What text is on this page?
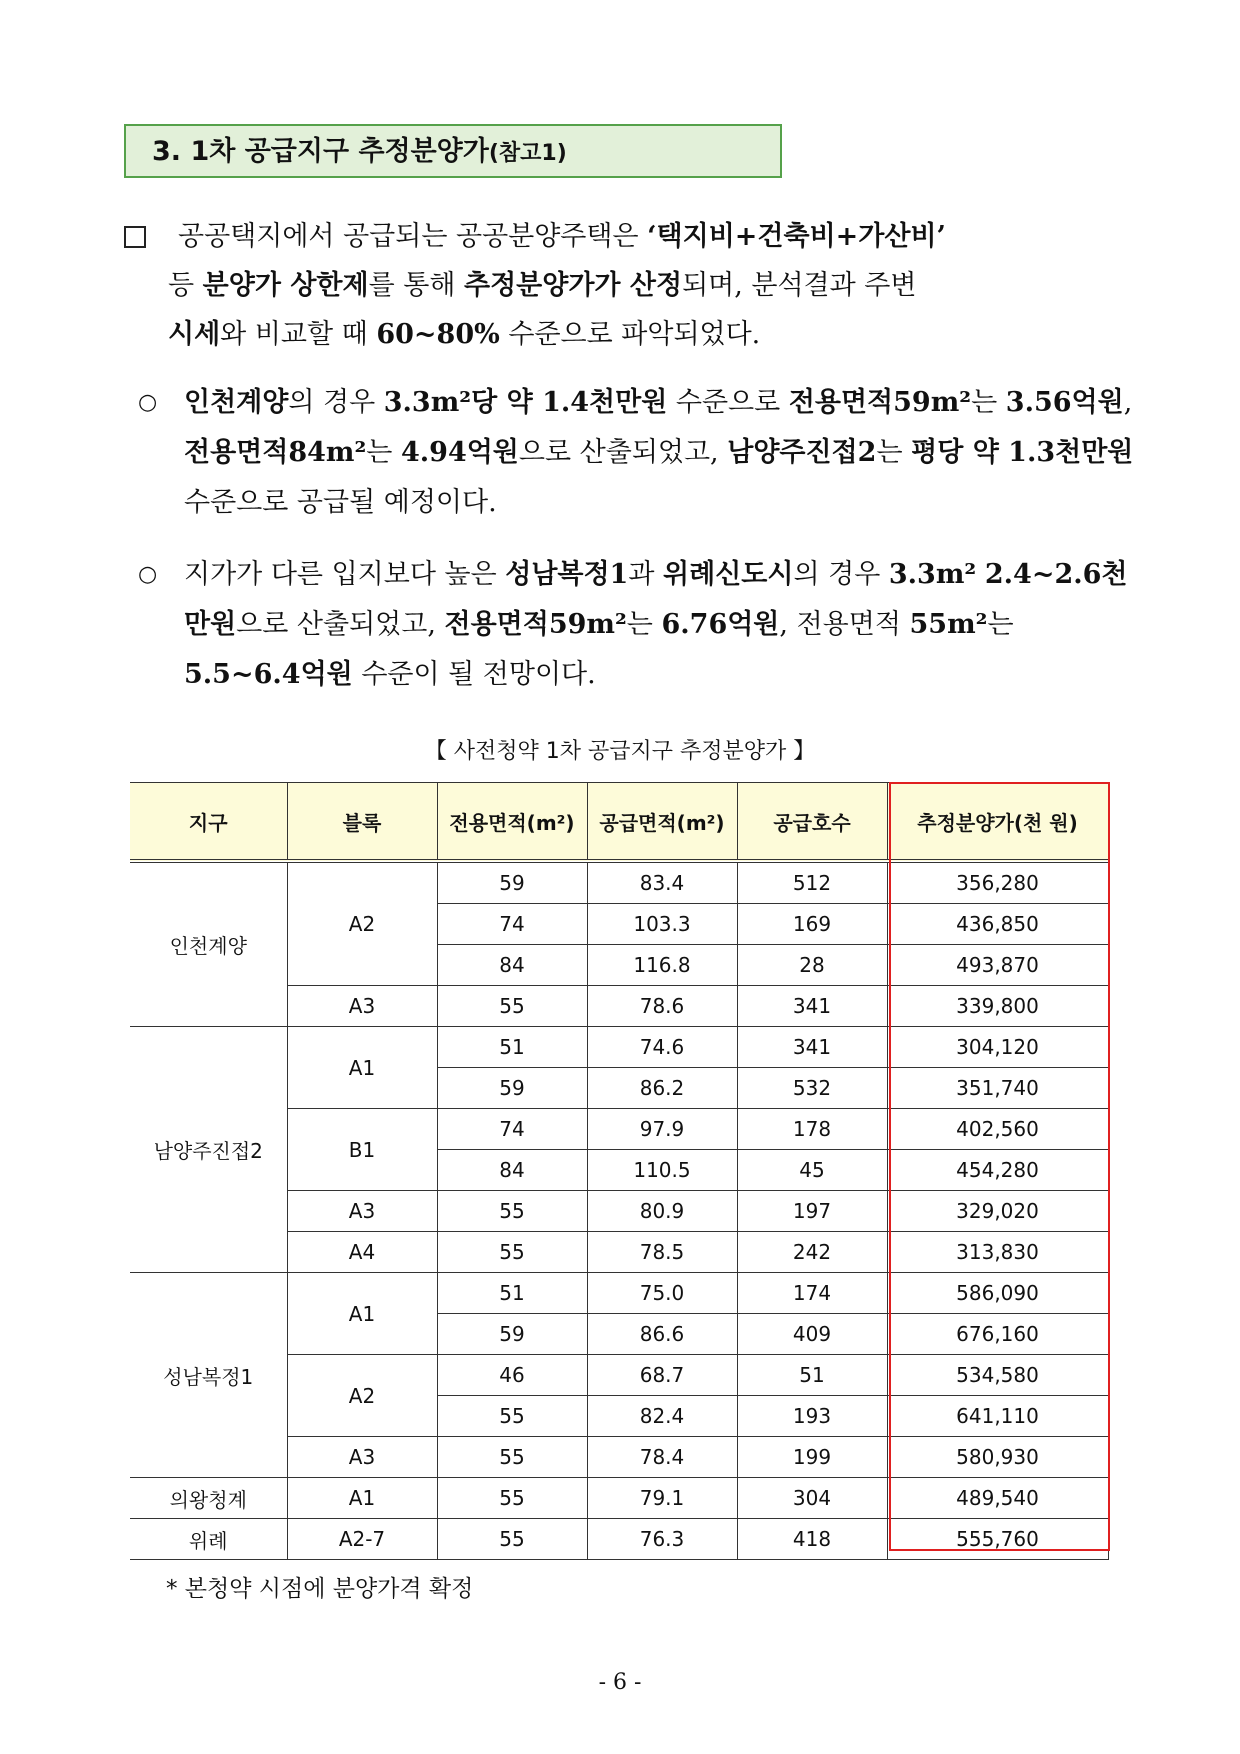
3. 1차 공급지구 추정분양가(참고1)
공공택지에서 공급되는 공공분양주택은 ‘택지비+건축비+가산비’
등 분양가 상한제를 통해 추정분양가가 산정되며, 분석결과 주변
시세와 비교할 때 60~80% 수준으로 파악되었다.
○ 인천계양의 경우 3.3m²당 약 1.4천만원 수준으로 전용면적59m²는 3.56억원, 전용면적84m²는 4.94억원으로 산출되었고, 남양주진접2는 평당 약 1.3천만원 수준으로 공급될 예정이다.
○ 지가가 다른 입지보다 높은 성남복정1과 위례신도시의 경우 3.3m² 2.4~2.6천만원으로 산출되었고, 전용면적59m²는 6.76억원, 전용면적 55m²는 5.5~6.4억원 수준이 될 전망이다.
【 사전청약 1차 공급지구 추정분양가 】
지구	블록	전용면적(m²)	공급면적(m²)	공급호수	추정분양가(천 원)
인천계양	A2	59	83.4	512	356,280
		74	103.3	169	436,850
		84	116.8	28	493,870
	A3	55	78.6	341	339,800
남양주진접2	A1	51	74.6	341	304,120
		59	86.2	532	351,740
	B1	74	97.9	178	402,560
		84	110.5	45	454,280
	A3	55	80.9	197	329,020
	A4	55	78.5	242	313,830
성남복정1	A1	51	75.0	174	586,090
		59	86.6	409	676,160
	A2	46	68.7	51	534,580
		55	82.4	193	641,110
	A3	55	78.4	199	580,930
의왕청계	A1	55	79.1	304	489,540
위례	A2-7	55	76.3	418	555,760
* 본청약 시점에 분양가격 확정
- 6 -
